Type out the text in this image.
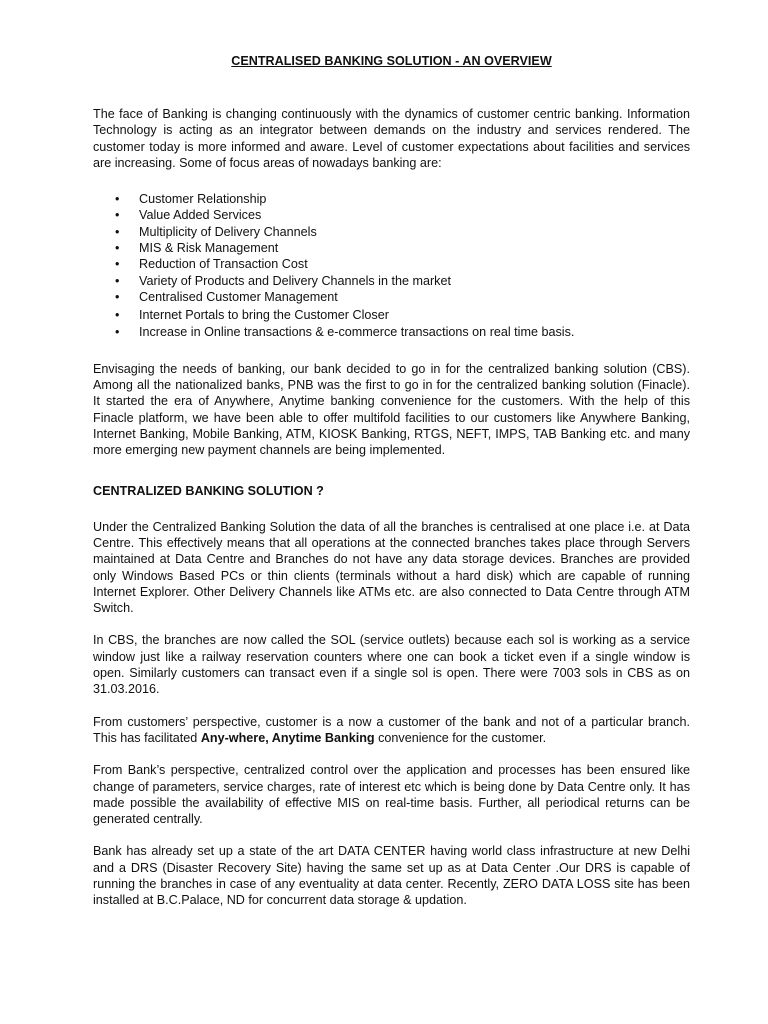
CENTRALISED BANKING SOLUTION - AN OVERVIEW

The face of Banking is changing continuously with the dynamics of customer centric banking. Information Technology is acting as an integrator between demands on the industry and services rendered. The customer today is more informed and aware. Level of customer expectations about facilities and services are increasing. Some of focus areas of nowadays banking are:

• Customer Relationship
• Value Added Services
• Multiplicity of Delivery Channels
• MIS & Risk Management
• Reduction of Transaction Cost
• Variety of Products and Delivery Channels in the market
• Centralised Customer Management
• Internet Portals to bring the Customer Closer
• Increase in Online transactions & e-commerce transactions on real time basis.

Envisaging the needs of banking, our bank decided to go in for the centralized banking solution (CBS). Among all the nationalized banks, PNB was the first to go in for the centralized banking solution (Finacle). It started the era of Anywhere, Anytime banking convenience for the customers. With the help of this Finacle platform, we have been able to offer multifold facilities to our customers like Anywhere Banking, Internet Banking, Mobile Banking, ATM, KIOSK Banking, RTGS, NEFT, IMPS, TAB Banking etc. and many more emerging new payment channels are being implemented.

CENTRALIZED BANKING SOLUTION ?

Under the Centralized Banking Solution the data of all the branches is centralised at one place i.e. at Data Centre. This effectively means that all operations at the connected branches takes place through Servers maintained at Data Centre and Branches do not have any data storage devices. Branches are provided only Windows Based PCs or thin clients (terminals without a hard disk) which are capable of running Internet Explorer. Other Delivery Channels like ATMs etc. are also connected to Data Centre through ATM Switch.

In CBS, the branches are now called the SOL (service outlets) because each sol is working as a service window just like a railway reservation counters where one can book a ticket even if a single window is open. Similarly customers can transact even if a single sol is open. There were 7003 sols in CBS as on 31.03.2016.

From customers’ perspective, customer is a now a customer of the bank and not of a particular branch. This has facilitated Any-where, Anytime Banking convenience for the customer.

From Bank’s perspective, centralized control over the application and processes has been ensured like change of parameters, service charges, rate of interest etc which is being done by Data Centre only. It has made possible the availability of effective MIS on real-time basis. Further, all periodical returns can be generated centrally.

Bank has already set up a state of the art DATA CENTER having world class infrastructure at new Delhi and a DRS (Disaster Recovery Site) having the same set up as at Data Center .Our DRS is capable of running the branches in case of any eventuality at data center. Recently, ZERO DATA LOSS site has been installed at B.C.Palace, ND for concurrent data storage & updation.
